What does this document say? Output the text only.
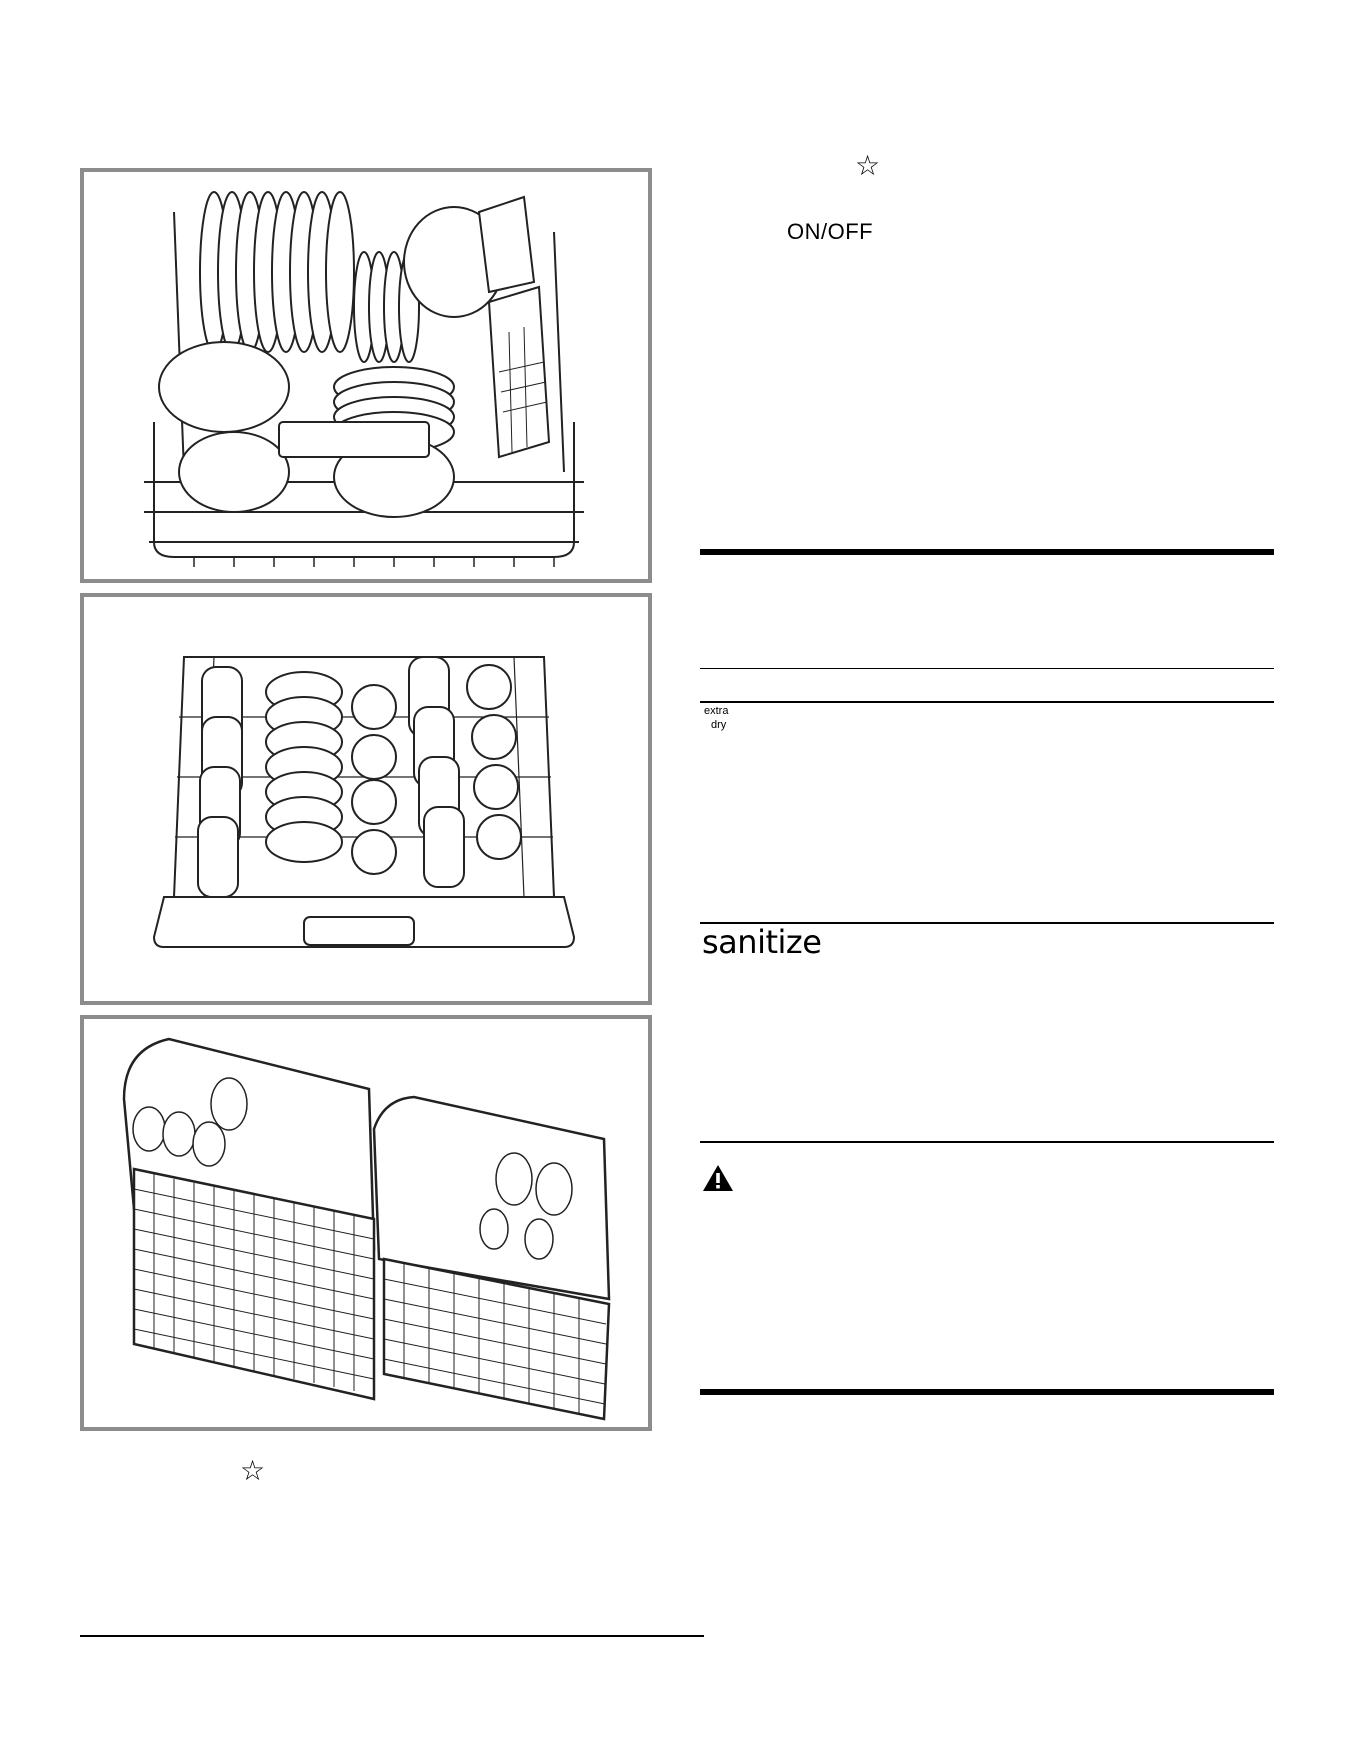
☆
ON/OFF
extra
dry
sanitize
☆
